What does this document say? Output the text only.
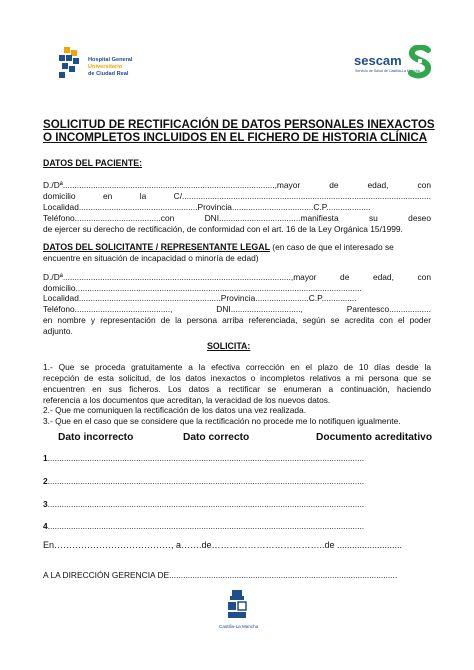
Hospital General
Universitario
de Ciudad Real
sescam
Servicio de Salud de Castilla-La Mancha
SOLICITUD DE RECTIFICACIÓN DE DATOS PERSONALES INEXACTOS
O INCOMPLETOS INCLUIDOS EN EL FICHERO DE HISTORIA CLÍNICA
DATOS DEL PACIENTE:
D./Dª...........................................................................................,mayor de edad, con
domicilio en la C/...........................................................................................................
Localidad...................................................Provincia...................................C.P...................
Teléfono.....................................con DNI...................................manifiesta su deseo
de ejercer su derecho de rectificación, de conformidad con el art. 16 de la Ley Orgánica 15/1999.
DATOS DEL SOLICITANTE / REPRESENTANTE LEGAL (en caso de que el interesado se
encuentre en situación de incapacidad o minoría de edad)
D./Dª..................................................................................................,mayor de edad, con
domicilio...........................................................................................................................
Localidad.............................................................Provincia.......................C.P...............
Teléfono........................................., DNI.............................., Parentesco..................
en nombre y representación de la persona arriba referenciada, según se acredita con el poder
adjunto.
SOLICITA:
1.- Que se proceda gratuitamente a la efectiva corrección en el plazo de 10 días desde la
recepción de esta solicitud, de los datos inexactos o incompletos relativos a mi persona que se
encuentren en sus ficheros. Los datos a rectificar se enumeran a continuación, haciendo
referencia a los documentos que acreditan, la veracidad de los nuevos datos.
2.- Que me comuniquen la rectificación de los datos una vez realizada.
3.- Que en el caso que se considere que la rectificación no procede me lo notifiquen igualmente.
Dato incorrecto	Dato correcto	Documento acreditativo
1........................................................................................................................................
2........................................................................................................................................
3........................................................................................................................................
4........................................................................................................................................
En…………………………………, a…….de………………………………..de ..........................
A LA DIRECCIÓN GERENCIA DE..................................................................................................
Castilla-La Mancha
